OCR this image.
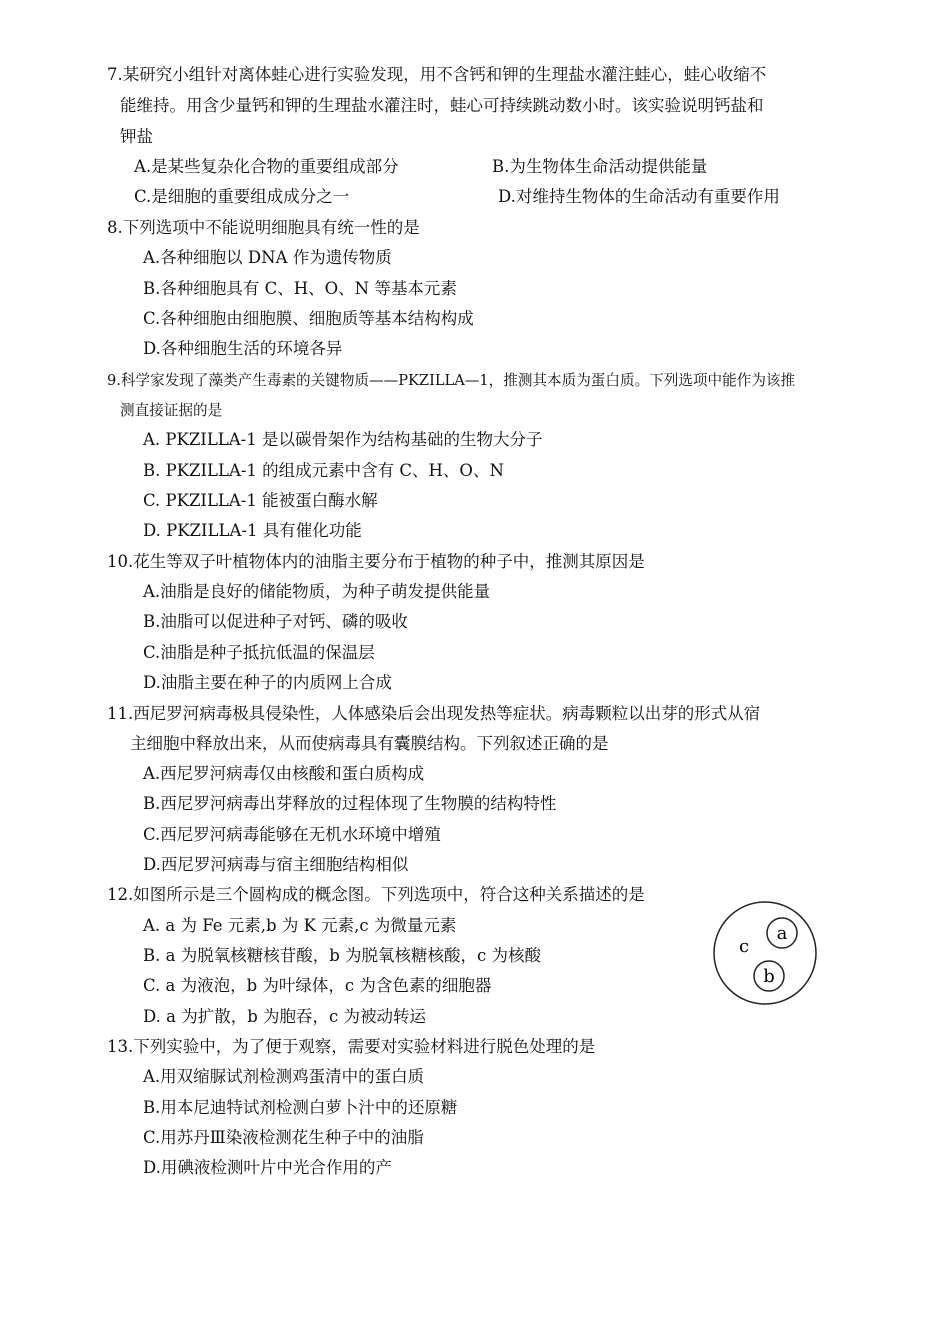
7.某研究小组针对离体蛙心进行实验发现，用不含钙和钾的生理盐水灌注蛙心，蛙心收缩不
能维持。用含少量钙和钾的生理盐水灌注时，蛙心可持续跳动数小时。该实验说明钙盐和
钾盐
A.是某些复杂化合物的重要组成部分	B.为生物体生命活动提供能量
C.是细胞的重要组成成分之一	D.对维持生物体的生命活动有重要作用
8.下列选项中不能说明细胞具有统一性的是
A.各种细胞以 DNA 作为遗传物质
B.各种细胞具有 C、H、O、N 等基本元素
C.各种细胞由细胞膜、细胞质等基本结构构成
D.各种细胞生活的环境各异
9.科学家发现了藻类产生毒素的关键物质——PKZILLA—1，推测其本质为蛋白质。下列选项中能作为该推
测直接证据的是
A. PKZILLA-1 是以碳骨架作为结构基础的生物大分子
B. PKZILLA-1 的组成元素中含有 C、H、O、N
C. PKZILLA-1 能被蛋白酶水解
D. PKZILLA-1 具有催化功能
10.花生等双子叶植物体内的油脂主要分布于植物的种子中，推测其原因是
A.油脂是良好的储能物质，为种子萌发提供能量
B.油脂可以促进种子对钙、磷的吸收
C.油脂是种子抵抗低温的保温层
D.油脂主要在种子的内质网上合成
11.西尼罗河病毒极具侵染性，人体感染后会出现发热等症状。病毒颗粒以出芽的形式从宿
主细胞中释放出来，从而使病毒具有囊膜结构。下列叙述正确的是
A.西尼罗河病毒仅由核酸和蛋白质构成
B.西尼罗河病毒出芽释放的过程体现了生物膜的结构特性
C.西尼罗河病毒能够在无机水环境中增殖
D.西尼罗河病毒与宿主细胞结构相似
12.如图所示是三个圆构成的概念图。下列选项中，符合这种关系描述的是
A. a 为 Fe 元素,b 为 K 元素,c 为微量元素
B. a 为脱氧核糖核苷酸，b 为脱氧核糖核酸，c 为核酸
C. a 为液泡，b 为叶绿体，c 为含色素的细胞器
D. a 为扩散，b 为胞吞，c 为被动转运
c
a
b
13.下列实验中，为了便于观察，需要对实验材料进行脱色处理的是
A.用双缩脲试剂检测鸡蛋清中的蛋白质
B.用本尼迪特试剂检测白萝卜汁中的还原糖
C.用苏丹Ⅲ染液检测花生种子中的油脂
D.用碘液检测叶片中光合作用的产
